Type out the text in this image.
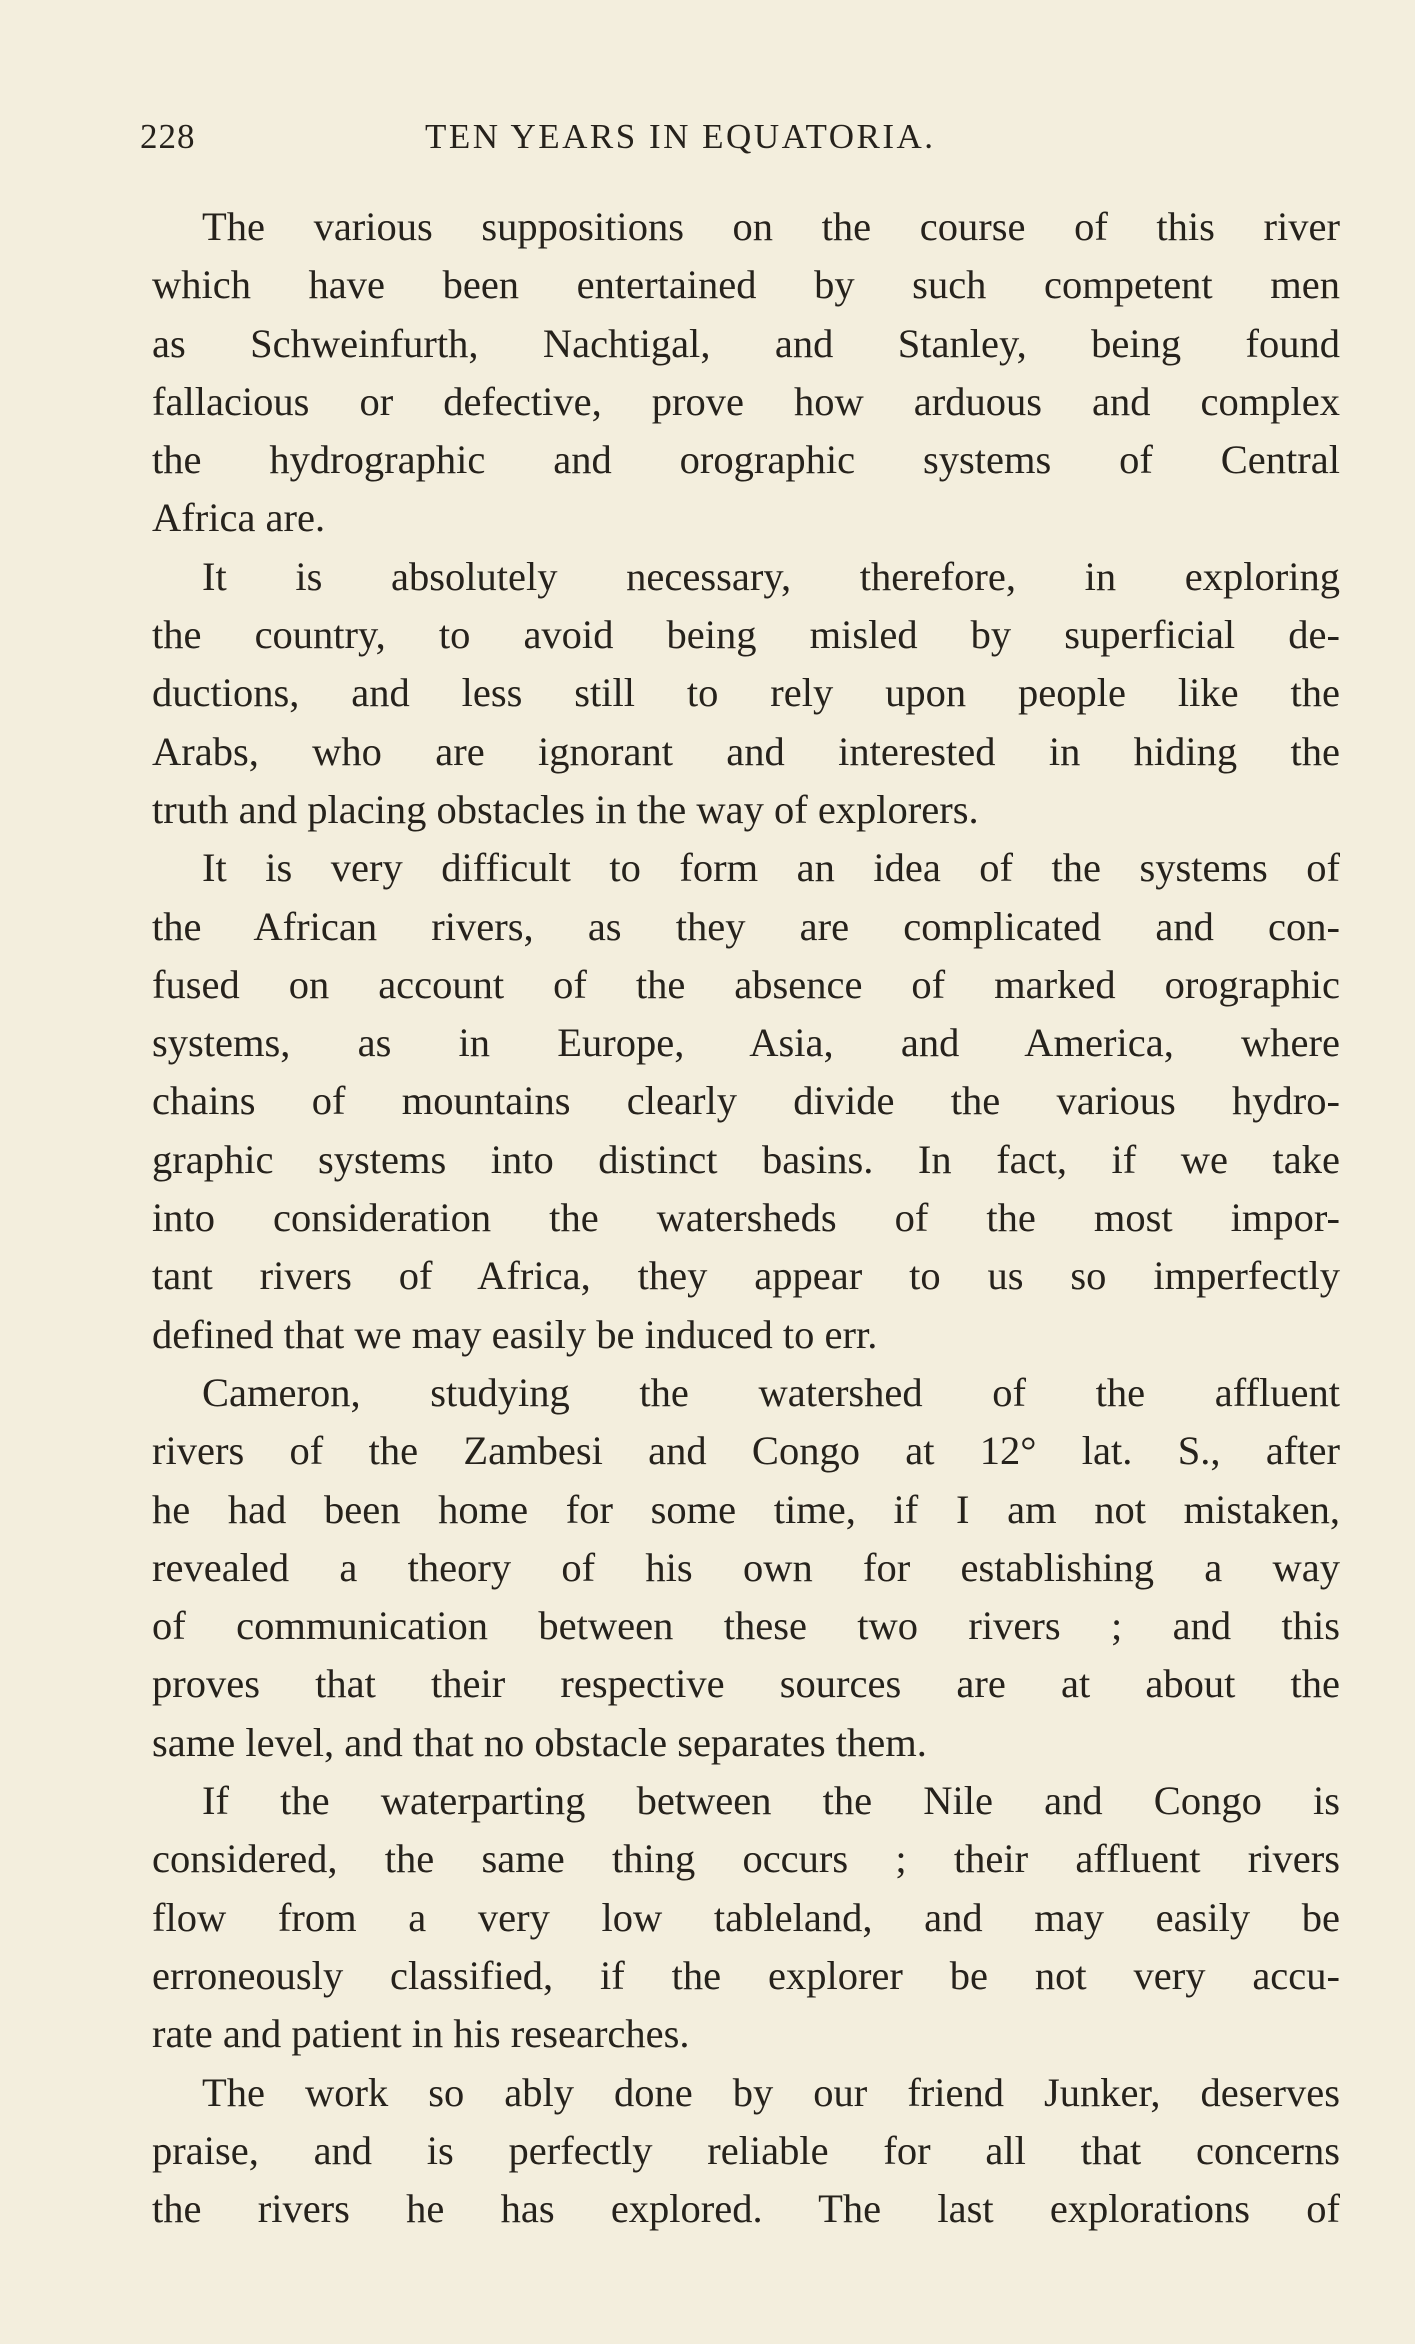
228	TEN YEARS IN EQUATORIA.

The various suppositions on the course of this river
which have been entertained by such competent men
as Schweinfurth, Nachtigal, and Stanley, being found
fallacious or defective, prove how arduous and complex
the hydrographic and orographic systems of Central
Africa are.

It is absolutely necessary, therefore, in exploring
the country, to avoid being misled by superficial de-
ductions, and less still to rely upon people like the
Arabs, who are ignorant and interested in hiding the
truth and placing obstacles in the way of explorers.

It is very difficult to form an idea of the systems of
the African rivers, as they are complicated and con-
fused on account of the absence of marked orographic
systems, as in Europe, Asia, and America, where
chains of mountains clearly divide the various hydro-
graphic systems into distinct basins. In fact, if we take
into consideration the watersheds of the most impor-
tant rivers of Africa, they appear to us so imperfectly
defined that we may easily be induced to err.

Cameron, studying the watershed of the affluent
rivers of the Zambesi and Congo at 12° lat. S., after
he had been home for some time, if I am not mistaken,
revealed a theory of his own for establishing a way
of communication between these two rivers ; and this
proves that their respective sources are at about the
same level, and that no obstacle separates them.

If the waterparting between the Nile and Congo is
considered, the same thing occurs ; their affluent rivers
flow from a very low tableland, and may easily be
erroneously classified, if the explorer be not very accu-
rate and patient in his researches.

The work so ably done by our friend Junker, deserves
praise, and is perfectly reliable for all that concerns
the rivers he has explored. The last explorations of
